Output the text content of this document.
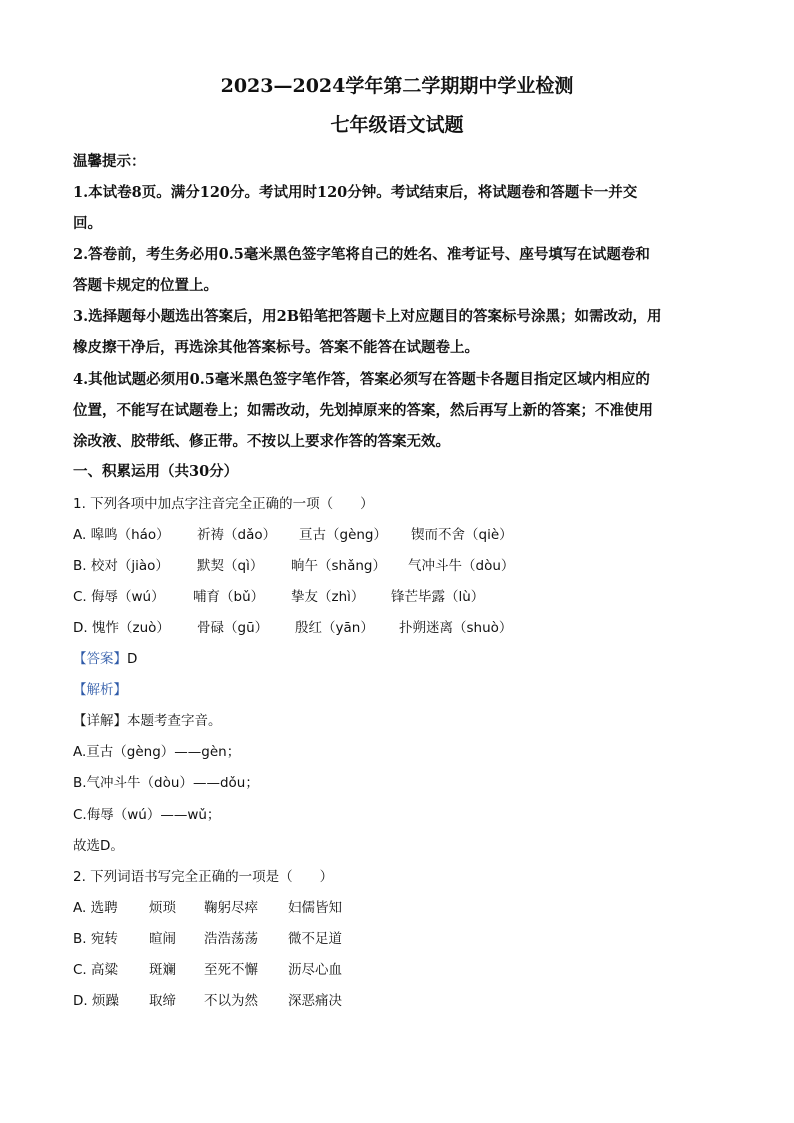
2023—2024学年第二学期期中学业检测
七年级语文试题
温馨提示：
1.本试卷8页。满分120分。考试用时120分钟。考试结束后，将试题卷和答题卡一并交
回。
2.答卷前，考生务必用0.5毫米黑色签字笔将自己的姓名、准考证号、座号填写在试题卷和
答题卡规定的位置上。
3.选择题每小题选出答案后，用2B铅笔把答题卡上对应题目的答案标号涂黑；如需改动，用
橡皮擦干净后，再选涂其他答案标号。答案不能答在试题卷上。
4.其他试题必须用0.5毫米黑色签字笔作答，答案必须写在答题卡各题目指定区域内相应的
位置，不能写在试题卷上；如需改动，先划掉原来的答案，然后再写上新的答案；不准使用
涂改液、胶带纸、修正带。不按以上要求作答的答案无效。
一、积累运用（共30分）
1. 下列各项中加点字注音完全正确的一项（　　）
A. 嗥鸣（háo） 祈祷（dǎo） 亘古（gèng） 锲而不舍（qiè）
B. 校对（jiào） 默契（qì） 晌午（shǎng） 气冲斗牛（dòu）
C. 侮辱（wú） 哺育（bǔ） 挚友（zhì） 锋芒毕露（lù）
D. 愧怍（zuò） 骨碌（gū） 殷红（yān） 扑朔迷离（shuò）
【答案】D
【解析】
【详解】本题考查字音。
A.亘古（gèng）——gèn；
B.气冲斗牛（dòu）——dǒu；
C.侮辱（wú）——wǔ；
故选D。
2. 下列词语书写完全正确的一项是（　　）
A. 选聘 烦琐 鞠躬尽瘁 妇儒皆知
B. 宛转 暄闹 浩浩荡荡 微不足道
C. 高粱 斑斓 至死不懈 沥尽心血
D. 烦躁 取缔 不以为然 深恶痛决
